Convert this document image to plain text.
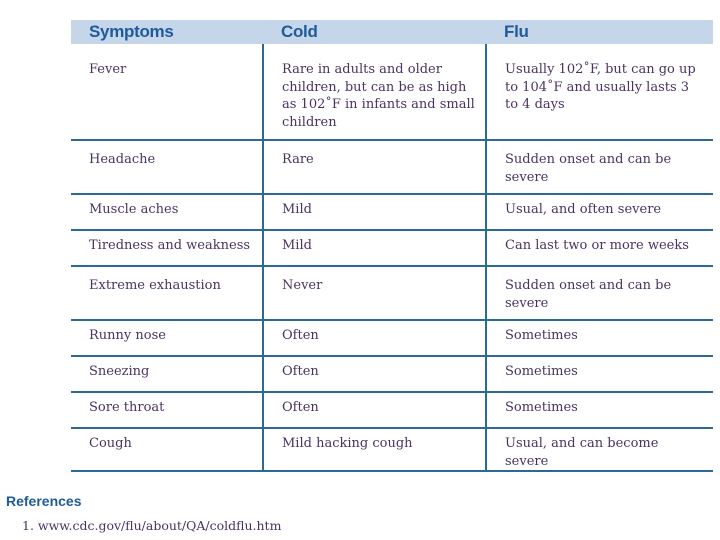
Symptoms	Cold	Flu
Fever	Rare in adults and older children, but can be as high as 102˚F in infants and small children	Usually 102˚F, but can go up to 104˚F and usually lasts 3 to 4 days
Headache	Rare	Sudden onset and can be severe
Muscle aches	Mild	Usual, and often severe
Tiredness and weakness	Mild	Can last two or more weeks
Extreme exhaustion	Never	Sudden onset and can be severe
Runny nose	Often	Sometimes
Sneezing	Often	Sometimes
Sore throat	Often	Sometimes
Cough	Mild hacking cough	Usual, and can become severe
References
1. www.cdc.gov/flu/about/QA/coldflu.htm
